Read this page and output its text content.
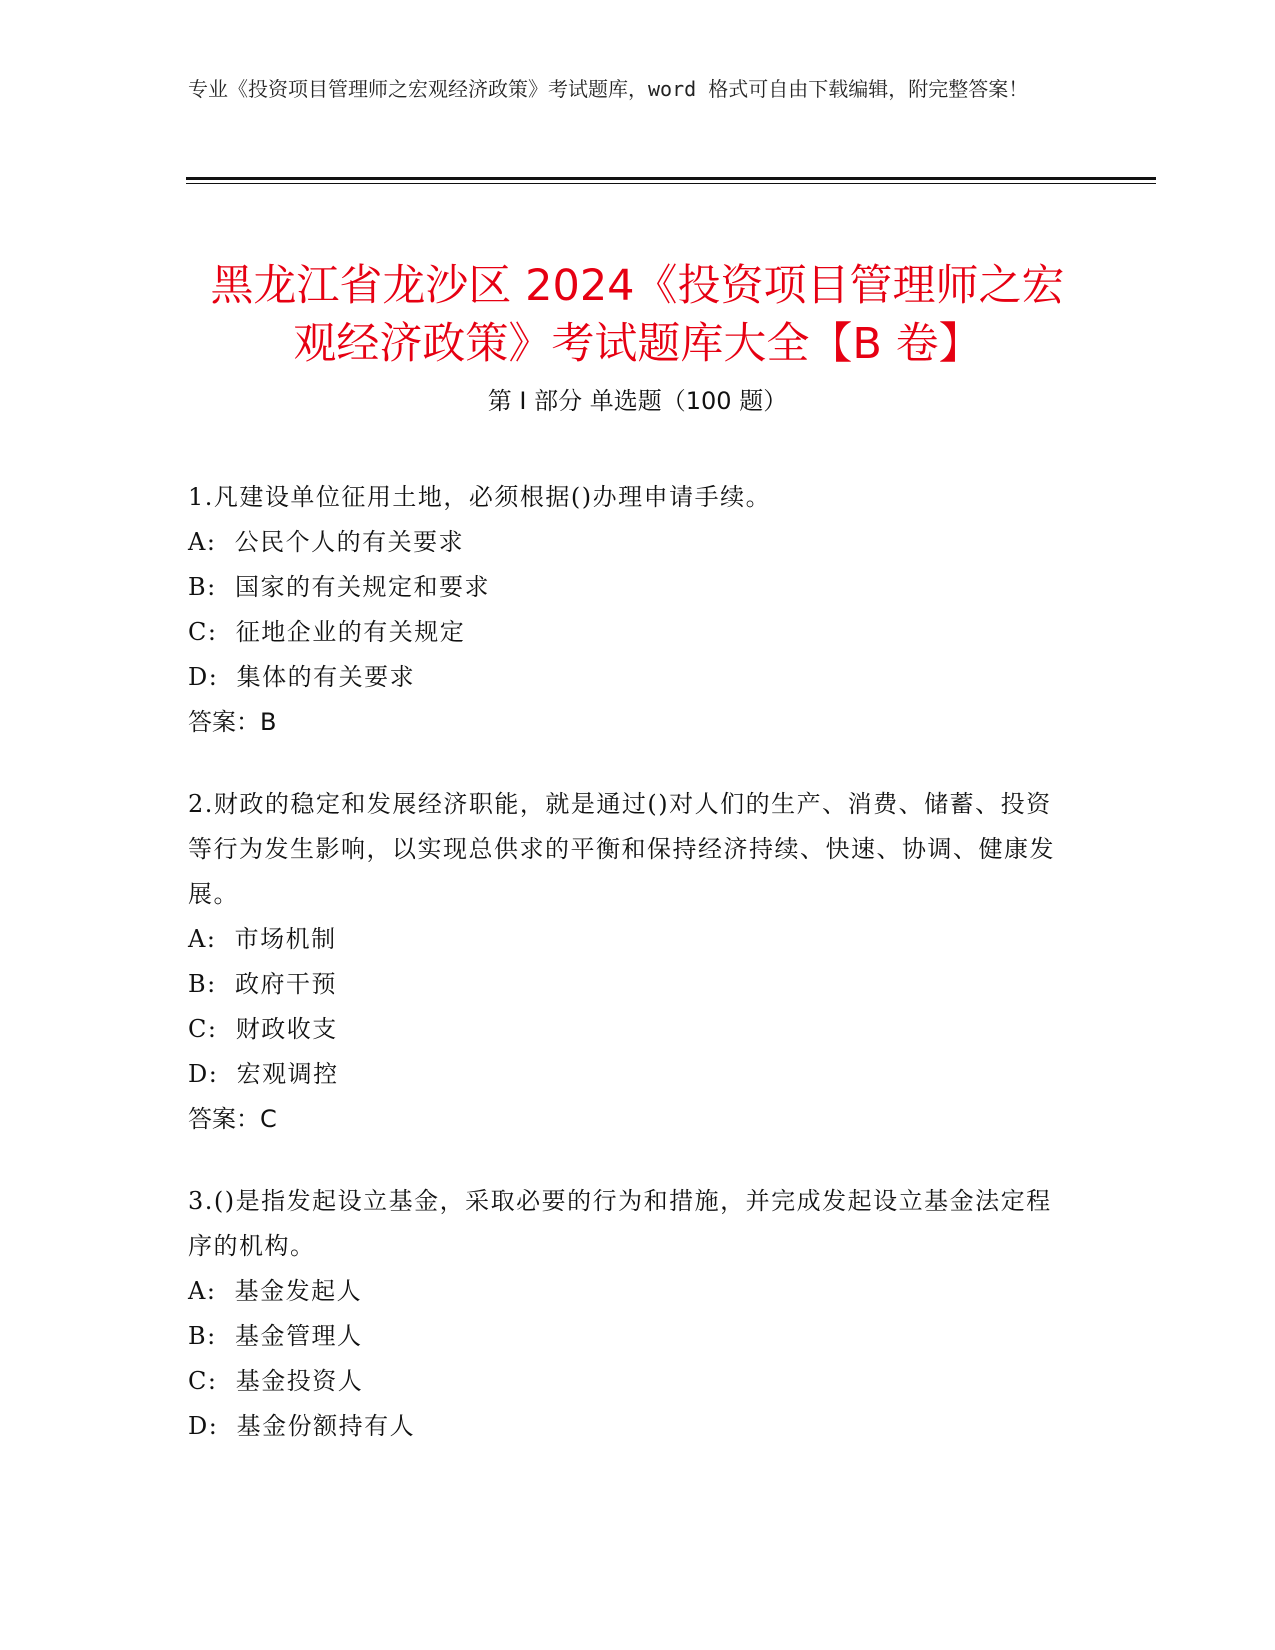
专业《投资项目管理师之宏观经济政策》考试题库，word 格式可自由下载编辑，附完整答案！
黑龙江省龙沙区 2024《投资项目管理师之宏
观经济政策》考试题库大全【B 卷】
第 I 部分 单选题（100 题）
1.凡建设单位征用土地，必须根据()办理申请手续。
A:  公民个人的有关要求
B:  国家的有关规定和要求
C:  征地企业的有关规定
D:  集体的有关要求
答案：B
2.财政的稳定和发展经济职能，就是通过()对人们的生产、消费、储蓄、投资等行为发生影响，以实现总供求的平衡和保持经济持续、快速、协调、健康发展。
A:  市场机制
B:  政府干预
C:  财政收支
D:  宏观调控
答案：C
3.()是指发起设立基金，采取必要的行为和措施，并完成发起设立基金法定程序的机构。
A:  基金发起人
B:  基金管理人
C:  基金投资人
D:  基金份额持有人
